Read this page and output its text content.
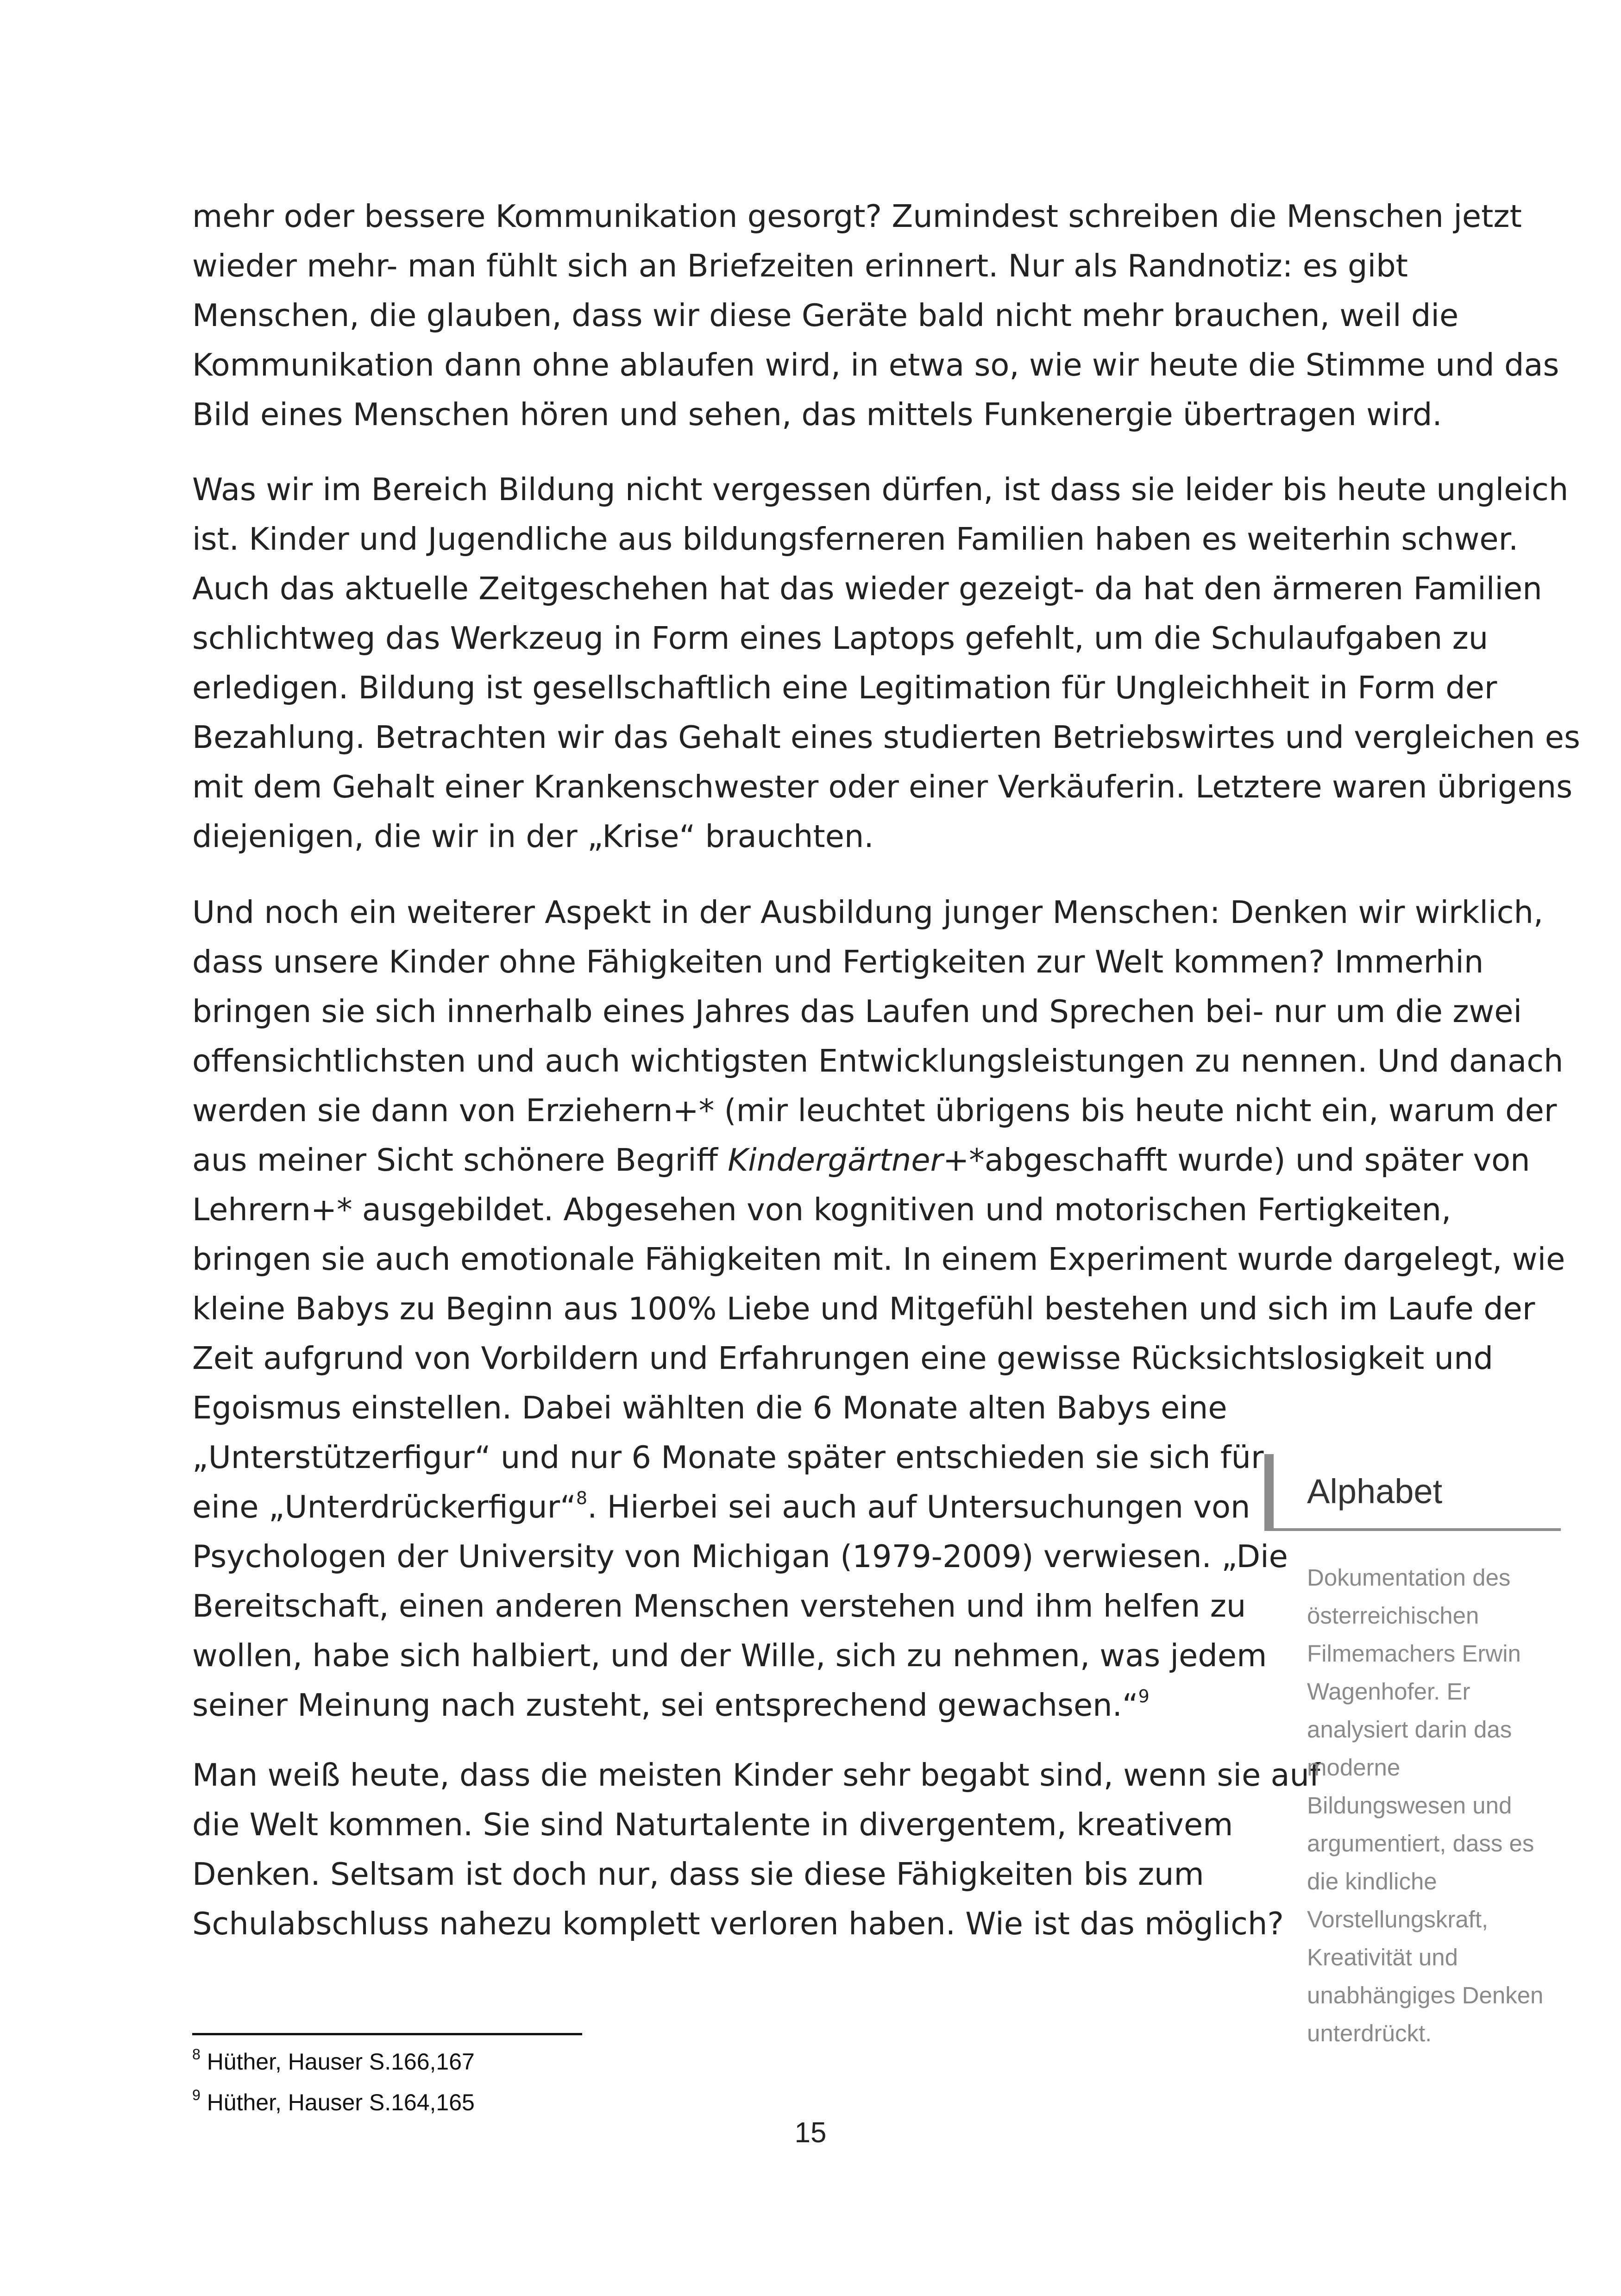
mehr oder bessere Kommunikation gesorgt? Zumindest schreiben die Menschen jetzt
wieder mehr- man fühlt sich an Briefzeiten erinnert. Nur als Randnotiz: es gibt
Menschen, die glauben, dass wir diese Geräte bald nicht mehr brauchen, weil die
Kommunikation dann ohne ablaufen wird, in etwa so, wie wir heute die Stimme und das
Bild eines Menschen hören und sehen, das mittels Funkenergie übertragen wird.

Was wir im Bereich Bildung nicht vergessen dürfen, ist dass sie leider bis heute ungleich
ist. Kinder und Jugendliche aus bildungsferneren Familien haben es weiterhin schwer.
Auch das aktuelle Zeitgeschehen hat das wieder gezeigt- da hat den ärmeren Familien
schlichtweg das Werkzeug in Form eines Laptops gefehlt, um die Schulaufgaben zu
erledigen. Bildung ist gesellschaftlich eine Legitimation für Ungleichheit in Form der
Bezahlung. Betrachten wir das Gehalt eines studierten Betriebswirtes und vergleichen es
mit dem Gehalt einer Krankenschwester oder einer Verkäuferin. Letztere waren übrigens
diejenigen, die wir in der „Krise“ brauchten.

Und noch ein weiterer Aspekt in der Ausbildung junger Menschen: Denken wir wirklich,
dass unsere Kinder ohne Fähigkeiten und Fertigkeiten zur Welt kommen? Immerhin
bringen sie sich innerhalb eines Jahres das Laufen und Sprechen bei- nur um die zwei
offensichtlichsten und auch wichtigsten Entwicklungsleistungen zu nennen. Und danach
werden sie dann von Erziehern+* (mir leuchtet übrigens bis heute nicht ein, warum der
aus meiner Sicht schönere Begriff Kindergärtner+*abgeschafft wurde) und später von
Lehrern+* ausgebildet. Abgesehen von kognitiven und motorischen Fertigkeiten,
bringen sie auch emotionale Fähigkeiten mit. In einem Experiment wurde dargelegt, wie
kleine Babys zu Beginn aus 100% Liebe und Mitgefühl bestehen und sich im Laufe der
Zeit aufgrund von Vorbildern und Erfahrungen eine gewisse Rücksichtslosigkeit und
Egoismus einstellen. Dabei wählten die 6 Monate alten Babys eine
„Unterstützerfigur“ und nur 6 Monate später entschieden sie sich für
eine „Unterdrückerfigur“$^8$. Hierbei sei auch auf Untersuchungen von
Psychologen der University von Michigan (1979-2009) verwiesen. „Die
Bereitschaft, einen anderen Menschen verstehen und ihm helfen zu
wollen, habe sich halbiert, und der Wille, sich zu nehmen, was jedem
seiner Meinung nach zusteht, sei entsprechend gewachsen.“$^9$

Man weiß heute, dass die meisten Kinder sehr begabt sind, wenn sie auf
die Welt kommen. Sie sind Naturtalente in divergentem, kreativem
Denken. Seltsam ist doch nur, dass sie diese Fähigkeiten bis zum
Schulabschluss nahezu komplett verloren haben. Wie ist das möglich?

Alphabet
Dokumentation des
österreichischen
Filmemachers Erwin
Wagenhofer. Er
analysiert darin das
moderne
Bildungswesen und
argumentiert, dass es
die kindliche
Vorstellungskraft,
Kreativität und
unabhängiges Denken
unterdrückt.
$^8$ Hüther, Hauser S.166,167
$^9$ Hüther, Hauser S.164,165
15
